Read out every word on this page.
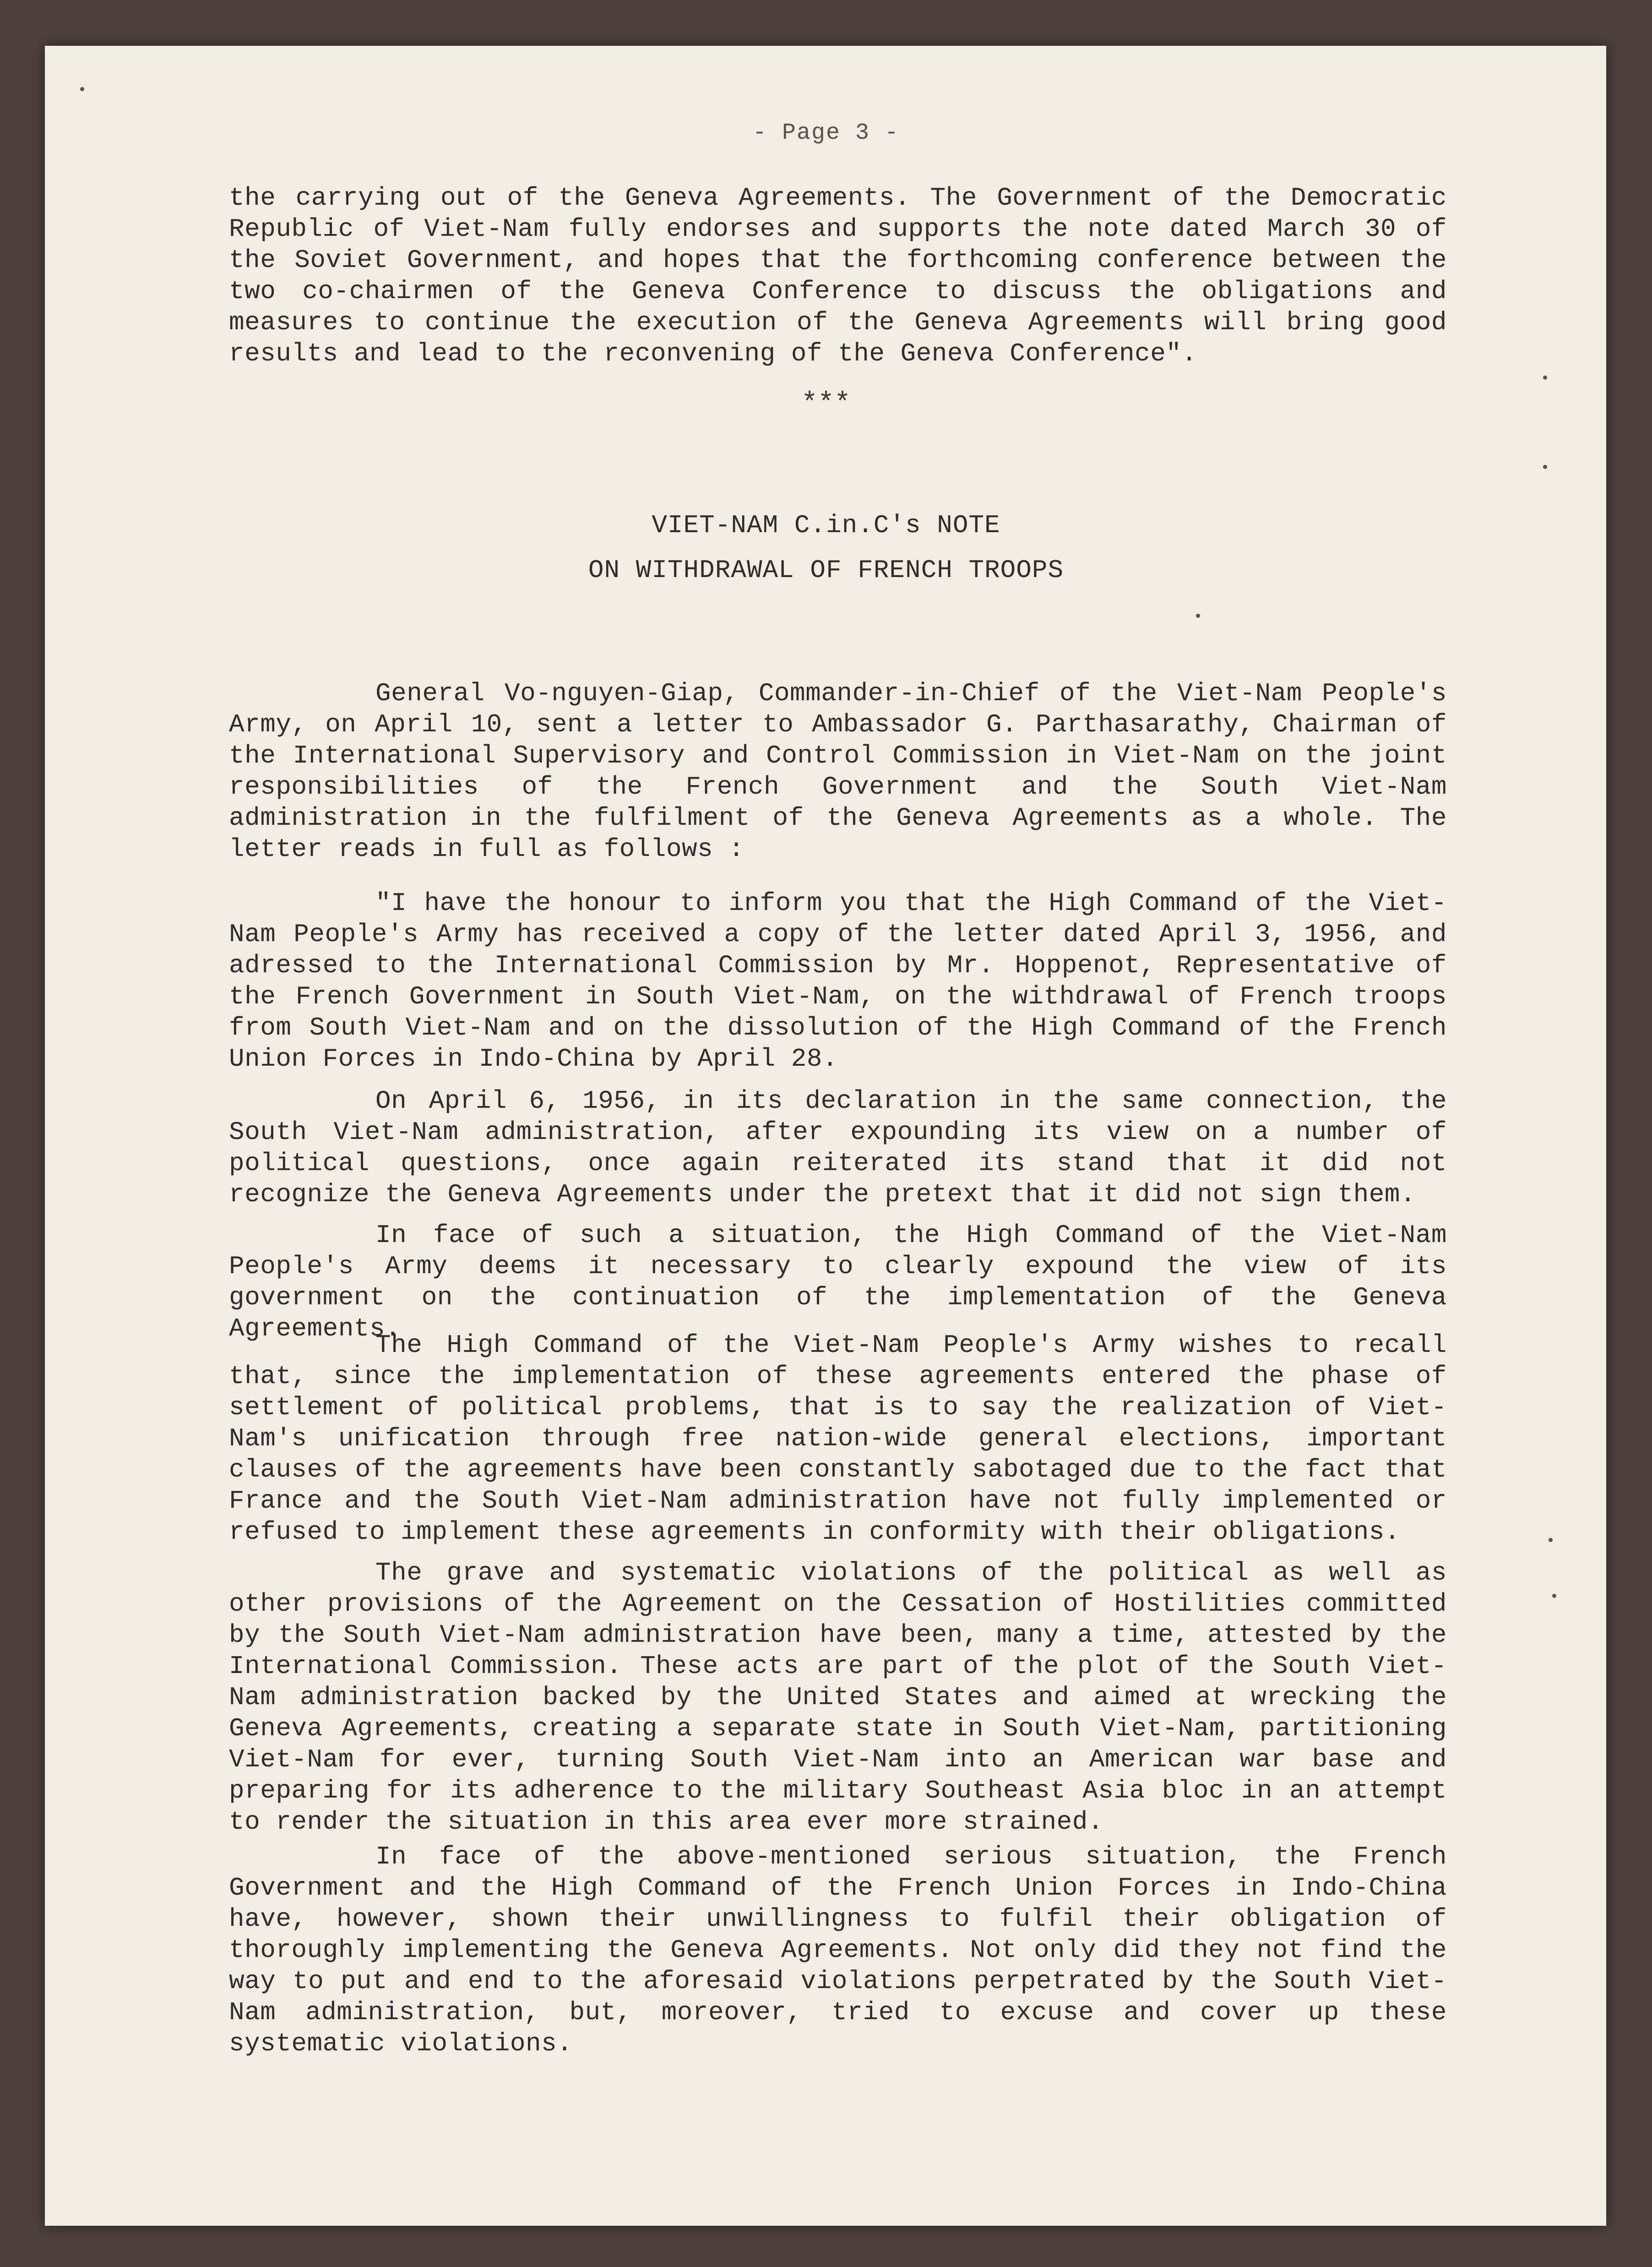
- Page 3 -

the carrying out of the Geneva Agreements. The Government of the Democratic Republic of Viet-Nam fully endorses and supports the note dated March 30 of the Soviet Government, and hopes that the forthcoming conference between the two co-chairmen of the Geneva Conference to discuss the obligations and measures to continue the execution of the Geneva Agreements will bring good results and lead to the reconvening of the Geneva Conference".

***
VIET-NAM C.in.C's NOTE
ON WITHDRAWAL OF FRENCH TROOPS

General Vo-nguyen-Giap, Commander-in-Chief of the Viet-Nam People's Army, on April 10, sent a letter to Ambassador G. Parthasarathy, Chairman of the International Supervisory and Control Commission in Viet-Nam on the joint responsibilities of the French Government and the South Viet-Nam administration in the fulfilment of the Geneva Agreements as a whole. The letter reads in full as follows :

"I have the honour to inform you that the High Command of the Viet-Nam People's Army has received a copy of the letter dated April 3, 1956, and adressed to the International Commission by Mr. Hoppenot, Representative of the French Government in South Viet-Nam, on the withdrawal of French troops from South Viet-Nam and on the dissolution of the High Command of the French Union Forces in Indo-China by April 28.

On April 6, 1956, in its declaration in the same connection, the South Viet-Nam administration, after expounding its view on a number of political questions, once again reiterated its stand that it did not recognize the Geneva Agreements under the pretext that it did not sign them.

In face of such a situation, the High Command of the Viet-Nam People's Army deems it necessary to clearly expound the view of its government on the continuation of the implementation of the Geneva Agreements.

The High Command of the Viet-Nam People's Army wishes to recall that, since the implementation of these agreements entered the phase of settlement of political problems, that is to say the realization of Viet-Nam's unification through free nation-wide general elections, important clauses of the agreements have been constantly sabotaged due to the fact that France and the South Viet-Nam administration have not fully implemented or refused to implement these agreements in conformity with their obligations.

The grave and systematic violations of the political as well as other provisions of the Agreement on the Cessation of Hostilities committed by the South Viet-Nam administration have been, many a time, attested by the International Commission. These acts are part of the plot of the South Viet-Nam administration backed by the United States and aimed at wrecking the Geneva Agreements, creating a separate state in South Viet-Nam, partitioning Viet-Nam for ever, turning South Viet-Nam into an American war base and preparing for its adherence to the military Southeast Asia bloc in an attempt to render the situation in this area ever more strained.

In face of the above-mentioned serious situation, the French Government and the High Command of the French Union Forces in Indo-China have, however, shown their unwillingness to fulfil their obligation of thoroughly implementing the Geneva Agreements. Not only did they not find the way to put and end to the aforesaid violations perpetrated by the South Viet-Nam administration, but, moreover, tried to excuse and cover up these systematic violations.
